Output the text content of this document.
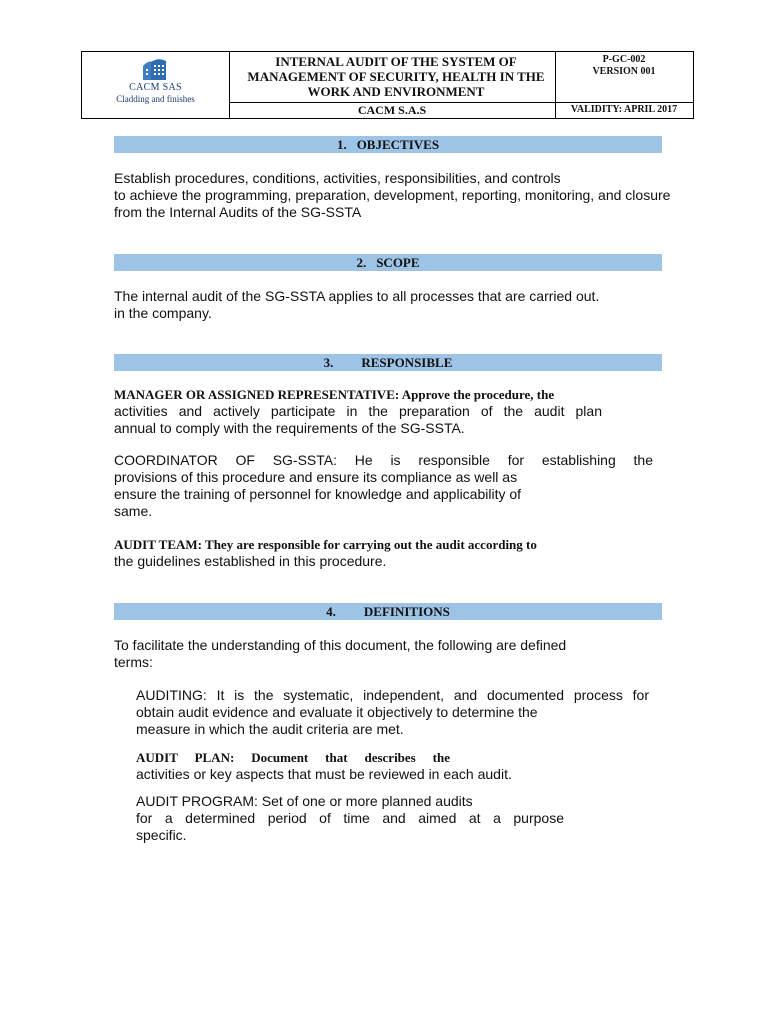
CACM SAS
Cladding and finishes
INTERNAL AUDIT OF THE SYSTEM OF
MANAGEMENT OF SECURITY, HEALTH IN THE
WORK AND ENVIRONMENT
CACM S.A.S
P-GC-002
VERSION 001
VALIDITY: APRIL 2017
1. OBJECTIVES
Establish procedures, conditions, activities, responsibilities, and controls
to achieve the programming, preparation, development, reporting, monitoring, and closure
from the Internal Audits of the SG-SSTA
2. SCOPE
The internal audit of the SG-SSTA applies to all processes that are carried out.
in the company.
3. RESPONSIBLE
MANAGER OR ASSIGNED REPRESENTATIVE: Approve the procedure, the
activities and actively participate in the preparation of the audit plan
annual to comply with the requirements of the SG-SSTA.
COORDINATOR OF SG-SSTA: He is responsible for establishing the
provisions of this procedure and ensure its compliance as well as
ensure the training of personnel for knowledge and applicability of
same.
AUDIT TEAM: They are responsible for carrying out the audit according to
the guidelines established in this procedure.
4. DEFINITIONS
To facilitate the understanding of this document, the following are defined
terms:
AUDITING: It is the systematic, independent, and documented process for
obtain audit evidence and evaluate it objectively to determine the
measure in which the audit criteria are met.
AUDIT PLAN: Document that describes the
activities or key aspects that must be reviewed in each audit.
AUDIT PROGRAM: Set of one or more planned audits
for a determined period of time and aimed at a purpose
specific.
